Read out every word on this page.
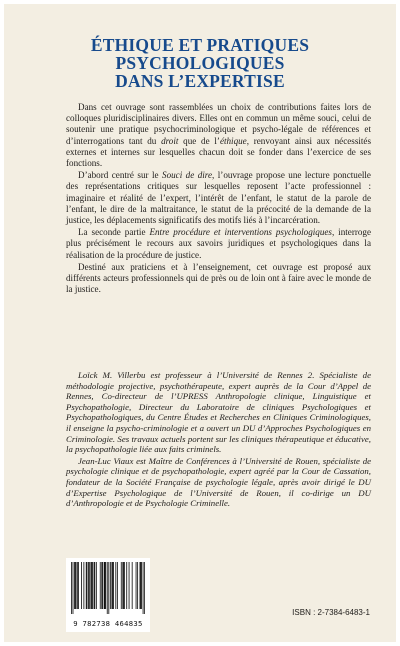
ÉTHIQUE ET PRATIQUES
PSYCHOLOGIQUES
DANS L’EXPERTISE

Dans cet ouvrage sont rassemblées un choix de contributions faites lors de colloques pluridisciplinaires divers. Elles ont en commun un même souci, celui de soutenir une pratique psychocriminologique et psycho-légale de références et d’interrogations tant du droit que de l’éthique, renvoyant ainsi aux nécessités externes et internes sur lesquelles chacun doit se fonder dans l’exercice de ses fonctions.

D’abord centré sur le Souci de dire, l’ouvrage propose une lecture ponctuelle des représentations critiques sur lesquelles reposent l’acte professionnel : imaginaire et réalité de l’expert, l’intérêt de l’enfant, le statut de la parole de l’enfant, le dire de la maltraitance, le statut de la précocité de la demande de la justice, les déplacements significatifs des motifs liés à l’incarcération.

La seconde partie Entre procédure et interventions psychologiques, interroge plus précisément le recours aux savoirs juridiques et psychologiques dans la réalisation de la procédure de justice.

Destiné aux praticiens et à l’enseignement, cet ouvrage est proposé aux différents acteurs professionnels qui de près ou de loin ont à faire avec le monde de la justice.

Loïck M. Villerbu est professeur à l’Université de Rennes 2. Spécialiste de méthodologie projective, psychothérapeute, expert auprès de la Cour d’Appel de Rennes, Co-directeur de l’UPRESS Anthropologie clinique, Linguistique et Psychopathologie, Directeur du Laboratoire de cliniques Psychologiques et Psychopathologiques, du Centre Études et Recherches en Cliniques Criminologiques, il enseigne la psycho-criminologie et a ouvert un DU d’Approches Psychologiques en Criminologie. Ses travaux actuels portent sur les cliniques thérapeutique et éducative, la psychopathologie liée aux faits criminels.

Jean-Luc Viaux est Maître de Conférences à l’Université de Rouen, spécialiste de psychologie clinique et de psychopathologie, expert agréé par la Cour de Cassation, fondateur de la Société Française de psychologie légale, après avoir dirigé le DU d’Expertise Psychologique de l’Université de Rouen, il co-dirige un DU d’Anthropologie et de Psychologie Criminelle.

9 782738 464835
ISBN : 2-7384-6483-1
